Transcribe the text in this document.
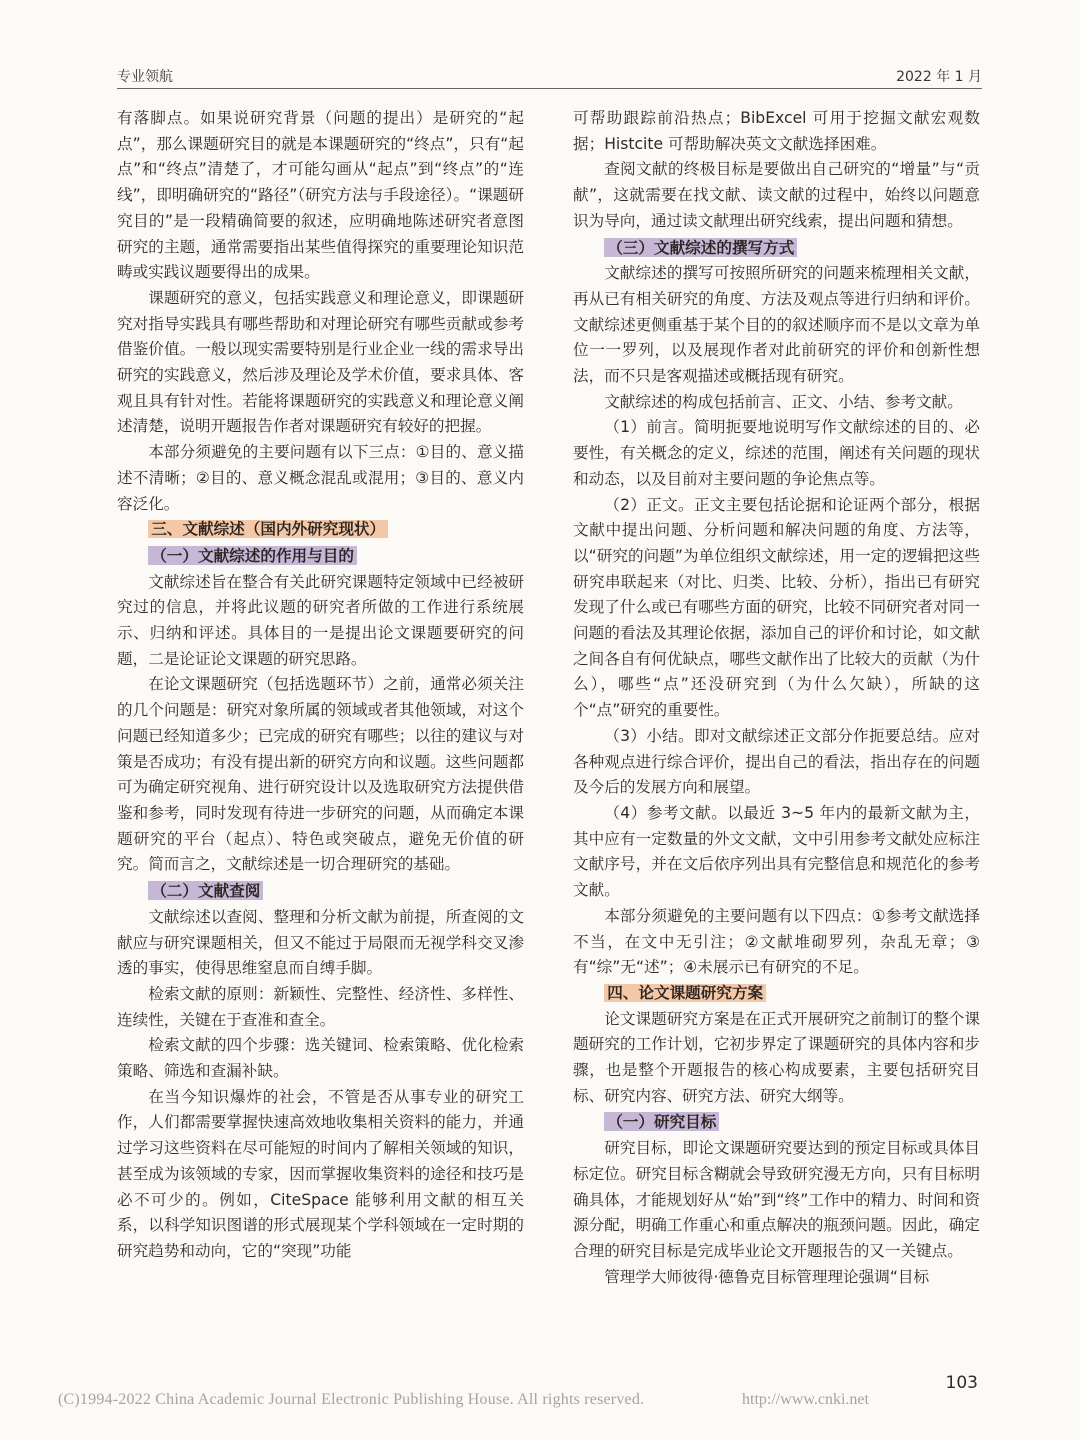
专业领航	2022 年 1 月

有落脚点。如果说研究背景（问题的提出）是研究的“起点”，那么课题研究目的就是本课题研究的“终点”，只有“起点”和“终点”清楚了，才可能勾画从“起点”到“终点”的“连线”，即明确研究的“路径”（研究方法与手段途径）。“课题研究目的”是一段精确简要的叙述，应明确地陈述研究者意图研究的主题，通常需要指出某些值得探究的重要理论知识范畴或实践议题要得出的成果。

课题研究的意义，包括实践意义和理论意义，即课题研究对指导实践具有哪些帮助和对理论研究有哪些贡献或参考借鉴价值。一般以现实需要特别是行业企业一线的需求导出研究的实践意义，然后涉及理论及学术价值，要求具体、客观且具有针对性。若能将课题研究的实践意义和理论意义阐述清楚，说明开题报告作者对课题研究有较好的把握。

本部分须避免的主要问题有以下三点：①目的、意义描述不清晰；②目的、意义概念混乱或混用；③目的、意义内容泛化。

三、文献综述（国内外研究现状）
（一）文献综述的作用与目的

文献综述旨在整合有关此研究课题特定领域中已经被研究过的信息，并将此议题的研究者所做的工作进行系统展示、归纳和评述。具体目的一是提出论文课题要研究的问题，二是论证论文课题的研究思路。

在论文课题研究（包括选题环节）之前，通常必须关注的几个问题是：研究对象所属的领域或者其他领域，对这个问题已经知道多少；已完成的研究有哪些；以往的建议与对策是否成功；有没有提出新的研究方向和议题。这些问题都可为确定研究视角、进行研究设计以及选取研究方法提供借鉴和参考，同时发现有待进一步研究的问题，从而确定本课题研究的平台（起点）、特色或突破点，避免无价值的研究。简而言之，文献综述是一切合理研究的基础。

（二）文献查阅

文献综述以查阅、整理和分析文献为前提，所查阅的文献应与研究课题相关，但又不能过于局限而无视学科交叉渗透的事实，使得思维窒息而自缚手脚。

检索文献的原则：新颖性、完整性、经济性、多样性、连续性，关键在于查准和查全。

检索文献的四个步骤：选关键词、检索策略、优化检索策略、筛选和查漏补缺。

在当今知识爆炸的社会，不管是否从事专业的研究工作，人们都需要掌握快速高效地收集相关资料的能力，并通过学习这些资料在尽可能短的时间内了解相关领域的知识，甚至成为该领域的专家，因而掌握收集资料的途径和技巧是必不可少的。例如，CiteSpace 能够利用文献的相互关系，以科学知识图谱的形式展现某个学科领域在一定时期的研究趋势和动向，它的“突现”功能

可帮助跟踪前沿热点；BibExcel 可用于挖掘文献宏观数据；Histcite 可帮助解决英文文献选择困难。

查阅文献的终极目标是要做出自己研究的“增量”与“贡献”，这就需要在找文献、读文献的过程中，始终以问题意识为导向，通过读文献理出研究线索，提出问题和猜想。

（三）文献综述的撰写方式

文献综述的撰写可按照所研究的问题来梳理相关文献，再从已有相关研究的角度、方法及观点等进行归纳和评价。文献综述更侧重基于某个目的的叙述顺序而不是以文章为单位一一罗列，以及展现作者对此前研究的评价和创新性想法，而不只是客观描述或概括现有研究。

文献综述的构成包括前言、正文、小结、参考文献。

（1）前言。简明扼要地说明写作文献综述的目的、必要性，有关概念的定义，综述的范围，阐述有关问题的现状和动态，以及目前对主要问题的争论焦点等。

（2）正文。正文主要包括论据和论证两个部分，根据文献中提出问题、分析问题和解决问题的角度、方法等，以“研究的问题”为单位组织文献综述，用一定的逻辑把这些研究串联起来（对比、归类、比较、分析），指出已有研究发现了什么或已有哪些方面的研究，比较不同研究者对同一问题的看法及其理论依据，添加自己的评价和讨论，如文献之间各自有何优缺点，哪些文献作出了比较大的贡献（为什么），哪些“点”还没研究到（为什么欠缺），所缺的这个“点”研究的重要性。

（3）小结。即对文献综述正文部分作扼要总结。应对各种观点进行综合评价，提出自己的看法，指出存在的问题及今后的发展方向和展望。

（4）参考文献。以最近 3~5 年内的最新文献为主，其中应有一定数量的外文文献，文中引用参考文献处应标注文献序号，并在文后依序列出具有完整信息和规范化的参考文献。

本部分须避免的主要问题有以下四点：①参考文献选择不当，在文中无引注；②文献堆砌罗列，杂乱无章；③有“综”无“述”；④未展示已有研究的不足。

四、论文课题研究方案

论文课题研究方案是在正式开展研究之前制订的整个课题研究的工作计划，它初步界定了课题研究的具体内容和步骤，也是整个开题报告的核心构成要素，主要包括研究目标、研究内容、研究方法、研究大纲等。

（一）研究目标

研究目标，即论文课题研究要达到的预定目标或具体目标定位。研究目标含糊就会导致研究漫无方向，只有目标明确具体，才能规划好从“始”到“终”工作中的精力、时间和资源分配，明确工作重心和重点解决的瓶颈问题。因此，确定合理的研究目标是完成毕业论文开题报告的又一关键点。

管理学大师彼得·德鲁克目标管理理论强调“目标

103
(C)1994-2022 China Academic Journal Electronic Publishing House. All rights reserved.	http://www.cnki.net
